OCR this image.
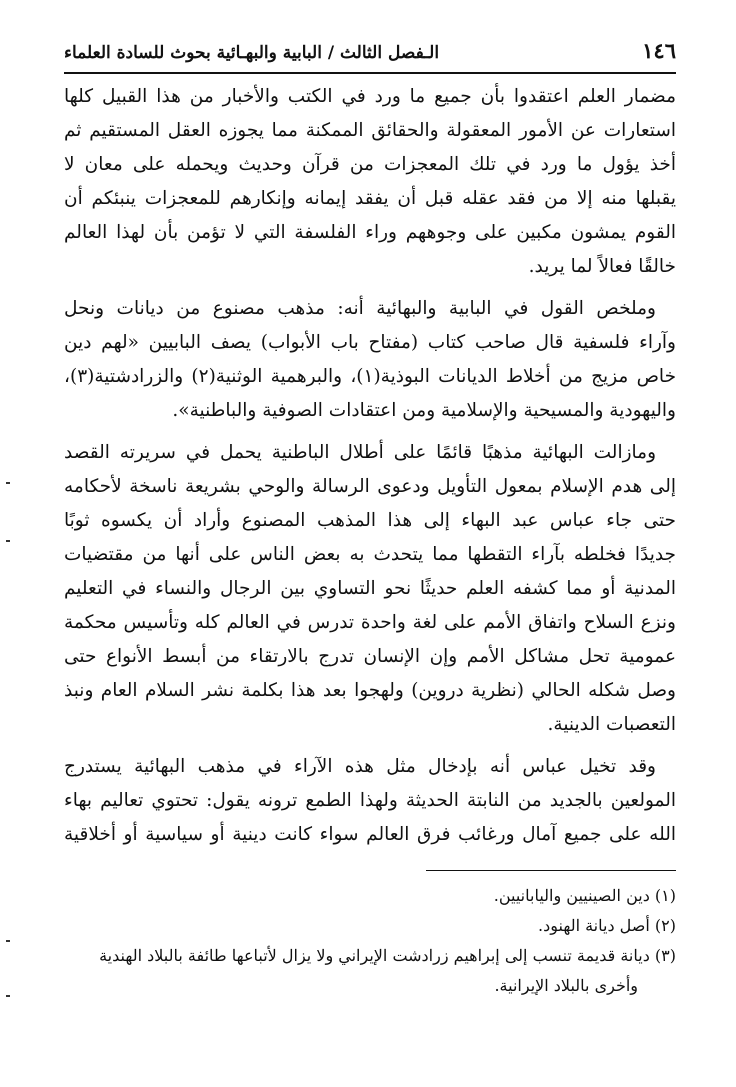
١٤٦
الـفصل الثالث / البابية والبهـائية بحوث للسادة العلماء

مضمار العلم اعتقدوا بأن جميع ما ورد في الكتب والأخبار من هذا القبيل كلها
استعارات عن الأمور المعقولة والحقائق الممكنة مما يجوزه العقل المستقيم ثم
أخذ يؤول ما ورد في تلك المعجزات من قرآن وحديث ويحمله على معان لا
يقبلها منه إلا من فقد عقله قبل أن يفقد إيمانه وإنكارهم للمعجزات ينبئكم أن
القوم يمشون مكبين على وجوههم وراء الفلسفة التي لا تؤمن بأن لهذا العالم
خالقًا فعالاً لما يريد.

وملخص القول في البابية والبهائية أنه: مذهب مصنوع من ديانات ونحل
وآراء فلسفية قال صاحب كتاب (مفتاح باب الأبواب) يصف البابيين «لهم دين
خاص مزيج من أخلاط الديانات البوذية(١)، والبرهمية الوثنية(٢) والزرادشتية(٣)،
واليهودية والمسيحية والإسلامية ومن اعتقادات الصوفية والباطنية».

ومازالت البهائية مذهبًا قائمًا على أطلال الباطنية يحمل في سريرته القصد
إلى هدم الإسلام بمعول التأويل ودعوى الرسالة والوحي بشريعة ناسخة لأحكامه
حتى جاء عباس عبد البهاء إلى هذا المذهب المصنوع وأراد أن يكسوه ثوبًا
جديدًا فخلطه بآراء التقطها مما يتحدث به بعض الناس على أنها من مقتضيات
المدنية أو مما كشفه العلم حديثًا نحو التساوي بين الرجال والنساء في التعليم
ونزع السلاح واتفاق الأمم على لغة واحدة تدرس في العالم كله وتأسيس محكمة
عمومية تحل مشاكل الأمم وإن الإنسان تدرج بالارتقاء من أبسط الأنواع حتى
وصل شكله الحالي (نظرية دروين) ولهجوا بعد هذا بكلمة نشر السلام العام ونبذ
التعصبات الدينية.

وقد تخيل عباس أنه بإدخال مثل هذه الآراء في مذهب البهائية يستدرج
المولعين بالجديد من النابتة الحديثة ولهذا الطمع ترونه يقول: تحتوي تعاليم بهاء
الله على جميع آمال ورغائب فرق العالم سواء كانت دينية أو سياسية أو أخلاقية

(١) دين الصينيين واليابانيين.
(٢) أصل ديانة الهنود.
(٣) ديانة قديمة تنسب إلى إبراهيم زرادشت الإيراني ولا يزال لأتباعها طائفة بالبلاد الهندية
وأخرى بالبلاد الإيرانية.
